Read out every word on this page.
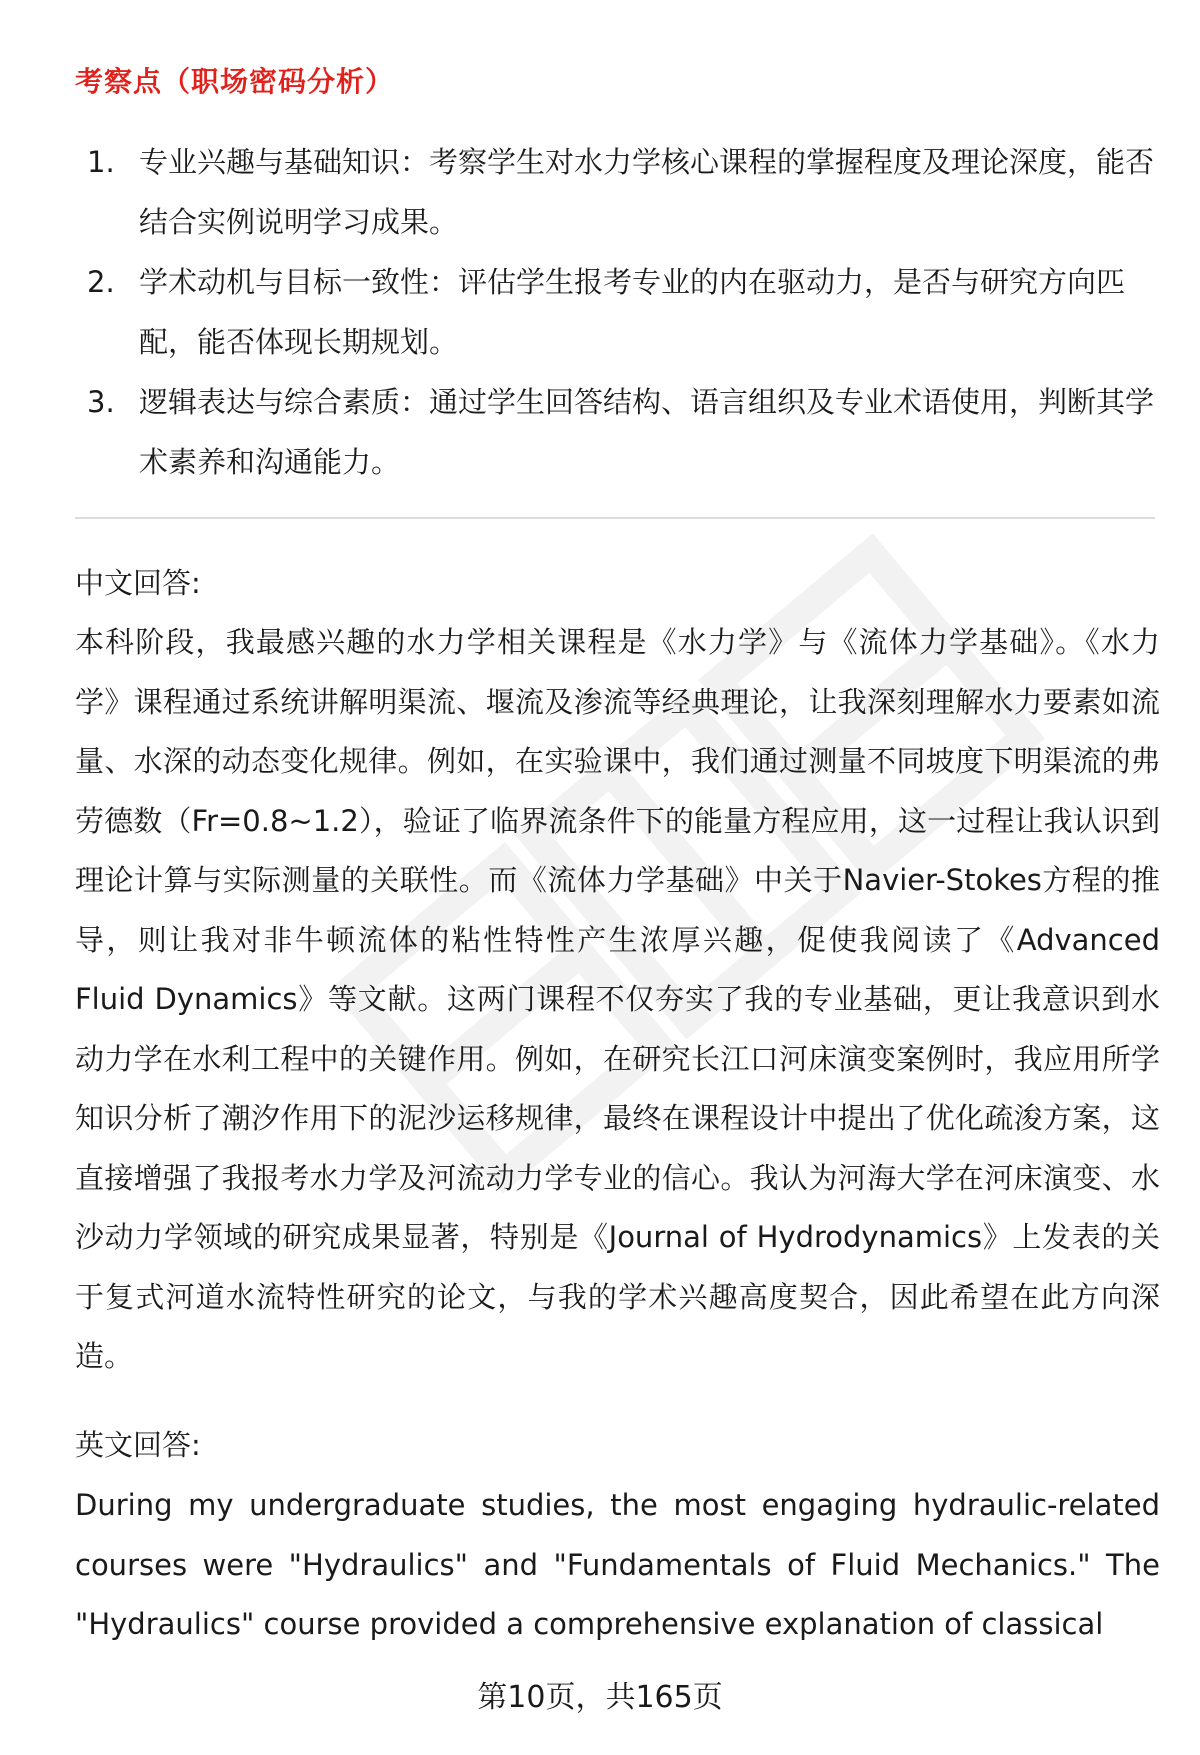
考察点（职场密码分析）
1. 专业兴趣与基础知识：考察学生对水力学核心课程的掌握程度及理论深度，能否结合实例说明学习成果。
2. 学术动机与目标一致性：评估学生报考专业的内在驱动力，是否与研究方向匹配，能否体现长期规划。
3. 逻辑表达与综合素质：通过学生回答结构、语言组织及专业术语使用，判断其学术素养和沟通能力。
中文回答:
本科阶段，我最感兴趣的水力学相关课程是《水力学》与《流体力学基础》。《水力学》课程通过系统讲解明渠流、堰流及渗流等经典理论，让我深刻理解水力要素如流量、水深的动态变化规律。例如，在实验课中，我们通过测量不同坡度下明渠流的弗劳德数（Fr=0.8~1.2），验证了临界流条件下的能量方程应用，这一过程让我认识到理论计算与实际测量的关联性。而《流体力学基础》中关于Navier-Stokes方程的推导，则让我对非牛顿流体的粘性特性产生浓厚兴趣，促使我阅读了《Advanced Fluid Dynamics》等文献。这两门课程不仅夯实了我的专业基础，更让我意识到水动力学在水利工程中的关键作用。例如，在研究长江口河床演变案例时，我应用所学知识分析了潮汐作用下的泥沙运移规律，最终在课程设计中提出了优化疏浚方案，这直接增强了我报考水力学及河流动力学专业的信心。我认为河海大学在河床演变、水沙动力学领域的研究成果显著，特别是《Journal of Hydrodynamics》上发表的关于复式河道水流特性研究的论文，与我的学术兴趣高度契合，因此希望在此方向深造。
英文回答:
During my undergraduate studies, the most engaging hydraulic-related courses were "Hydraulics" and "Fundamentals of Fluid Mechanics." The "Hydraulics" course provided a comprehensive explanation of classical
第10页，共165页
